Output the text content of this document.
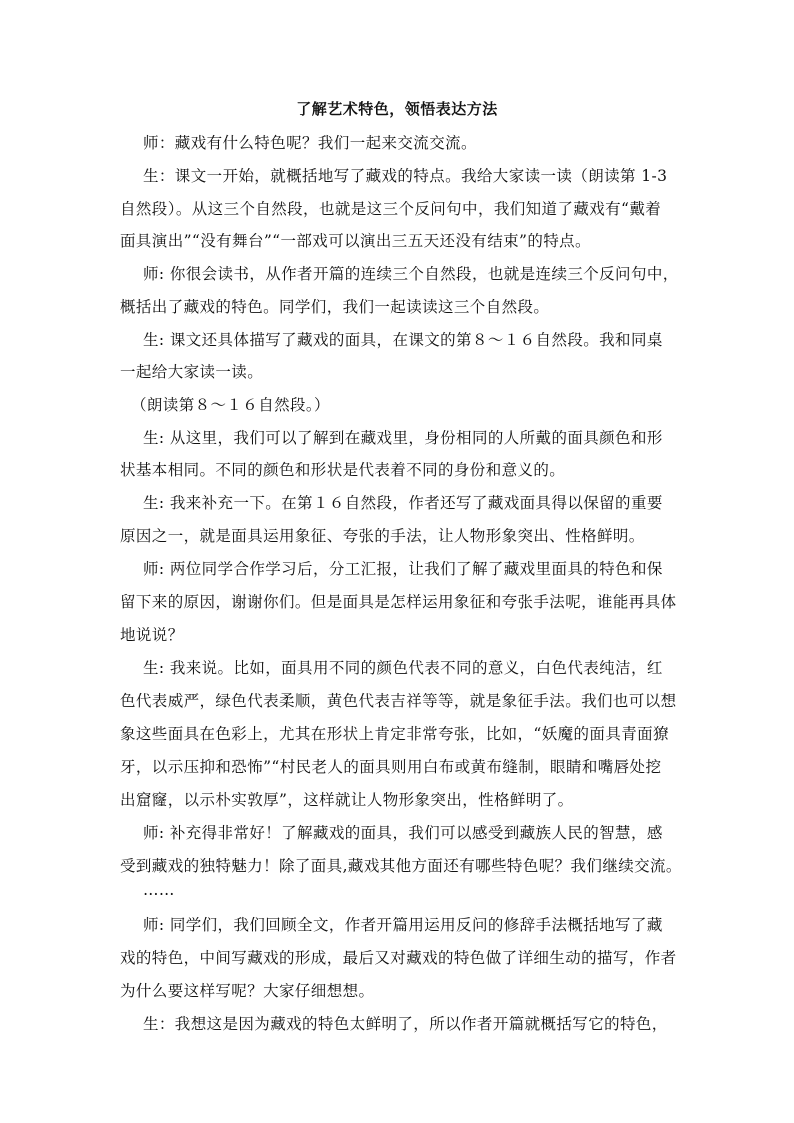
了解艺术特色，领悟表达方法
师：藏戏有什么特色呢？我们一起来交流交流。
生：课文一开始，就概括地写了藏戏的特点。我给大家读一读（朗读第 1-3
自然段）。从这三个自然段，也就是这三个反问句中，我们知道了藏戏有“戴着
面具演出”“没有舞台”“一部戏可以演出三五天还没有结束”的特点。
师: 你很会读书，从作者开篇的连续三个自然段，也就是连续三个反问句中，
概括出了藏戏的特色。同学们，我们一起读读这三个自然段。
生: 课文还具体描写了藏戏的面具，在课文的第８～１６自然段。我和同桌
一起给大家读一读。
（朗读第８～１６自然段。）
生: 从这里，我们可以了解到在藏戏里，身份相同的人所戴的面具颜色和形
状基本相同。不同的颜色和形状是代表着不同的身份和意义的。
生: 我来补充一下。在第１６自然段，作者还写了藏戏面具得以保留的重要
原因之一，就是面具运用象征、夸张的手法，让人物形象突出、性格鲜明。
师: 两位同学合作学习后，分工汇报，让我们了解了藏戏里面具的特色和保
留下来的原因，谢谢你们。但是面具是怎样运用象征和夸张手法呢，谁能再具体
地说说？
生: 我来说。比如，面具用不同的颜色代表不同的意义，白色代表纯洁，红
色代表威严，绿色代表柔顺，黄色代表吉祥等等，就是象征手法。我们也可以想
象这些面具在色彩上，尤其在形状上肯定非常夸张，比如，“妖魔的面具青面獠
牙，以示压抑和恐怖”“村民老人的面具则用白布或黄布缝制，眼睛和嘴唇处挖
出窟窿，以示朴实敦厚”，这样就让人物形象突出，性格鲜明了。
师: 补充得非常好！了解藏戏的面具，我们可以感受到藏族人民的智慧，感
受到藏戏的独特魅力！除了面具,藏戏其他方面还有哪些特色呢？我们继续交流。
……
师: 同学们，我们回顾全文，作者开篇用运用反问的修辞手法概括地写了藏
戏的特色，中间写藏戏的形成，最后又对藏戏的特色做了详细生动的描写，作者
为什么要这样写呢？大家仔细想想。
生：我想这是因为藏戏的特色太鲜明了，所以作者开篇就概括写它的特色，
